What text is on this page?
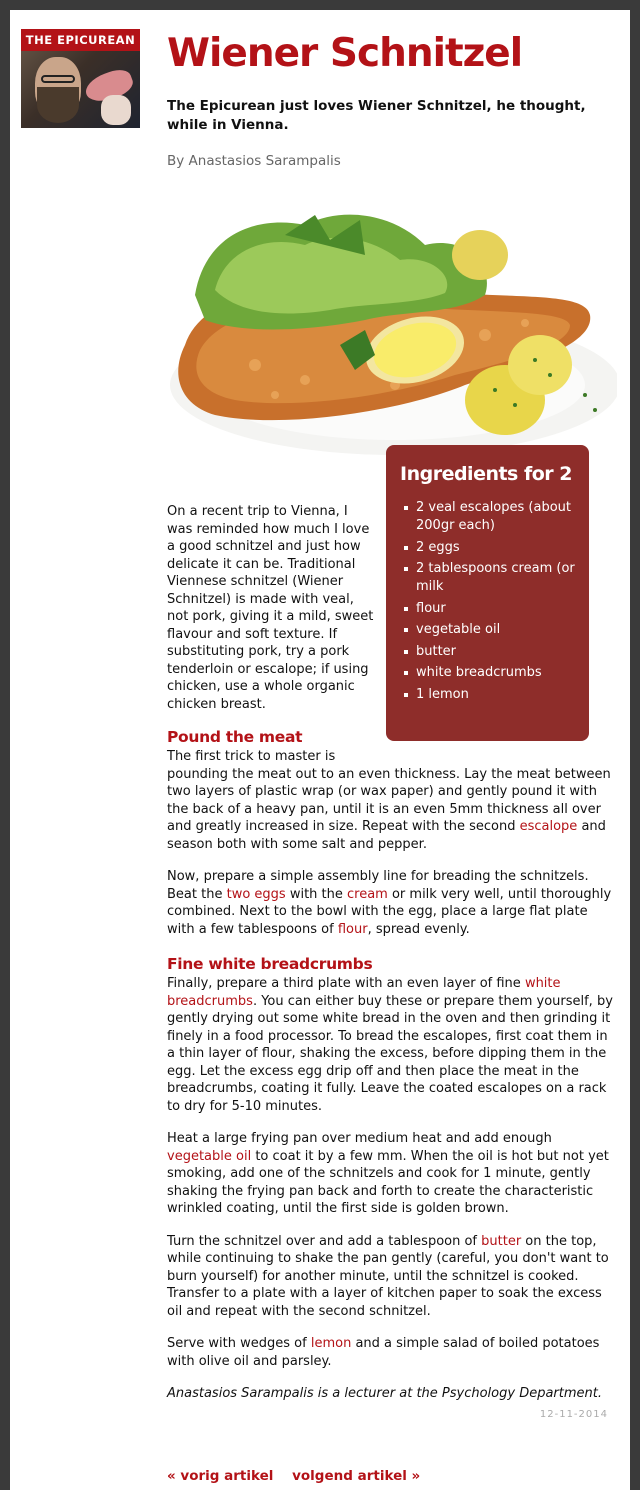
THE EPICUREAN Wiener Schnitzel

The Epicurean just loves Wiener Schnitzel, he thought, while in Vienna.

By Anastasios Sarampalis

Ingredients for 2
2 veal escalopes (about 200gr each)
2 eggs
2 tablespoons cream (or milk
flour
vegetable oil
butter
white breadcrumbs
1 lemon

On a recent trip to Vienna, I was reminded how much I love a good schnitzel and just how delicate it can be. Traditional Viennese schnitzel (Wiener Schnitzel) is made with veal, not pork, giving it a mild, sweet flavour and soft texture. If substituting pork, try a pork tenderloin or escalope; if using chicken, use a whole organic chicken breast.

Pound the meat

The first trick to master is
pounding the meat out to an even thickness. Lay the meat between two layers of plastic wrap (or wax paper) and gently pound it with the back of a heavy pan, until it is an even 5mm thickness all over and greatly increased in size. Repeat with the second escalope and season both with some salt and pepper.

Now, prepare a simple assembly line for breading the schnitzels. Beat the two eggs with the cream or milk very well, until thoroughly combined. Next to the bowl with the egg, place a large flat plate with a few tablespoons of flour, spread evenly.

Fine white breadcrumbs

Finally, prepare a third plate with an even layer of fine white breadcrumbs. You can either buy these or prepare them yourself, by gently drying out some white bread in the oven and then grinding it finely in a food processor. To bread the escalopes, first coat them in a thin layer of flour, shaking the excess, before dipping them in the egg. Let the excess egg drip off and then place the meat in the breadcrumbs, coating it fully. Leave the coated escalopes on a rack to dry for 5-10 minutes.

Heat a large frying pan over medium heat and add enough vegetable oil to coat it by a few mm. When the oil is hot but not yet smoking, add one of the schnitzels and cook for 1 minute, gently shaking the frying pan back and forth to create the characteristic wrinkled coating, until the first side is golden brown.

Turn the schnitzel over and add a tablespoon of butter on the top, while continuing to shake the pan gently (careful, you don't want to burn yourself) for another minute, until the schnitzel is cooked. Transfer to a plate with a layer of kitchen paper to soak the excess oil and repeat with the second schnitzel.

Serve with wedges of lemon and a simple salad of boiled potatoes with olive oil and parsley.

Anastasios Sarampalis is a lecturer at the Psychology Department.

12-11-2014
« vorig artikel volgend artikel »
